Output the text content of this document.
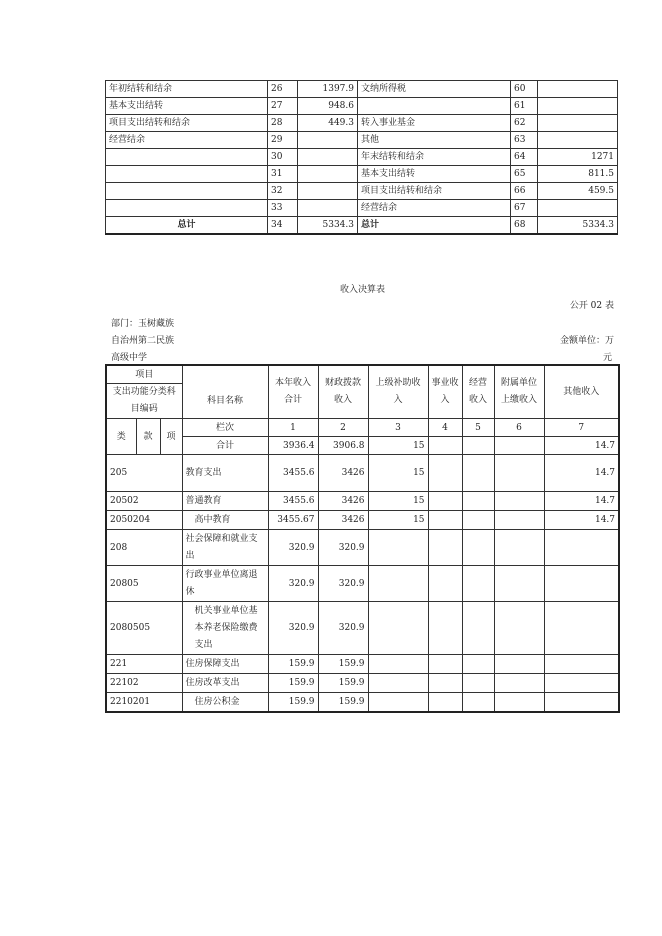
年初结转和结余	26	1397.9	文纳所得税	60	
基本支出结转	27	948.6		61	
项目支出结转和结余	28	449.3	转入事业基金	62	
经营结余	29		其他	63	
	30		年末结转和结余	64	1271
	31		基本支出结转	65	811.5
	32		项目支出结转和结余	66	459.5
	33		经营结余	67	
总计	34	5334.3	总计	68	5334.3
收入决算表
公开 02 表
部门：玉树藏族
自治州第二民族
高级中学
金额单位：万
元
项目				本年收入合计	财政拨款收入	上级补助收入	事业收入	经营收入	附属单位上缴收入	其他收入
支出功能分类科目编码			科目名称							

类	款	项	栏次	1	2	3	4	5	6	7
			合计	3936.4	3906.8	15				14.7
205			教育支出	3455.6	3426	15				14.7
20502			普通教育	3455.6	3426	15				14.7
2050204			高中教育	3455.67	3426	15				14.7
208			社会保障和就业支出	320.9	320.9					
20805			行政事业单位离退休	320.9	320.9					
2080505			机关事业单位基本养老保险缴费支出	320.9	320.9					
221			住房保障支出	159.9	159.9					
22102			住房改革支出	159.9	159.9					
2210201			住房公积金	159.9	159.9					
